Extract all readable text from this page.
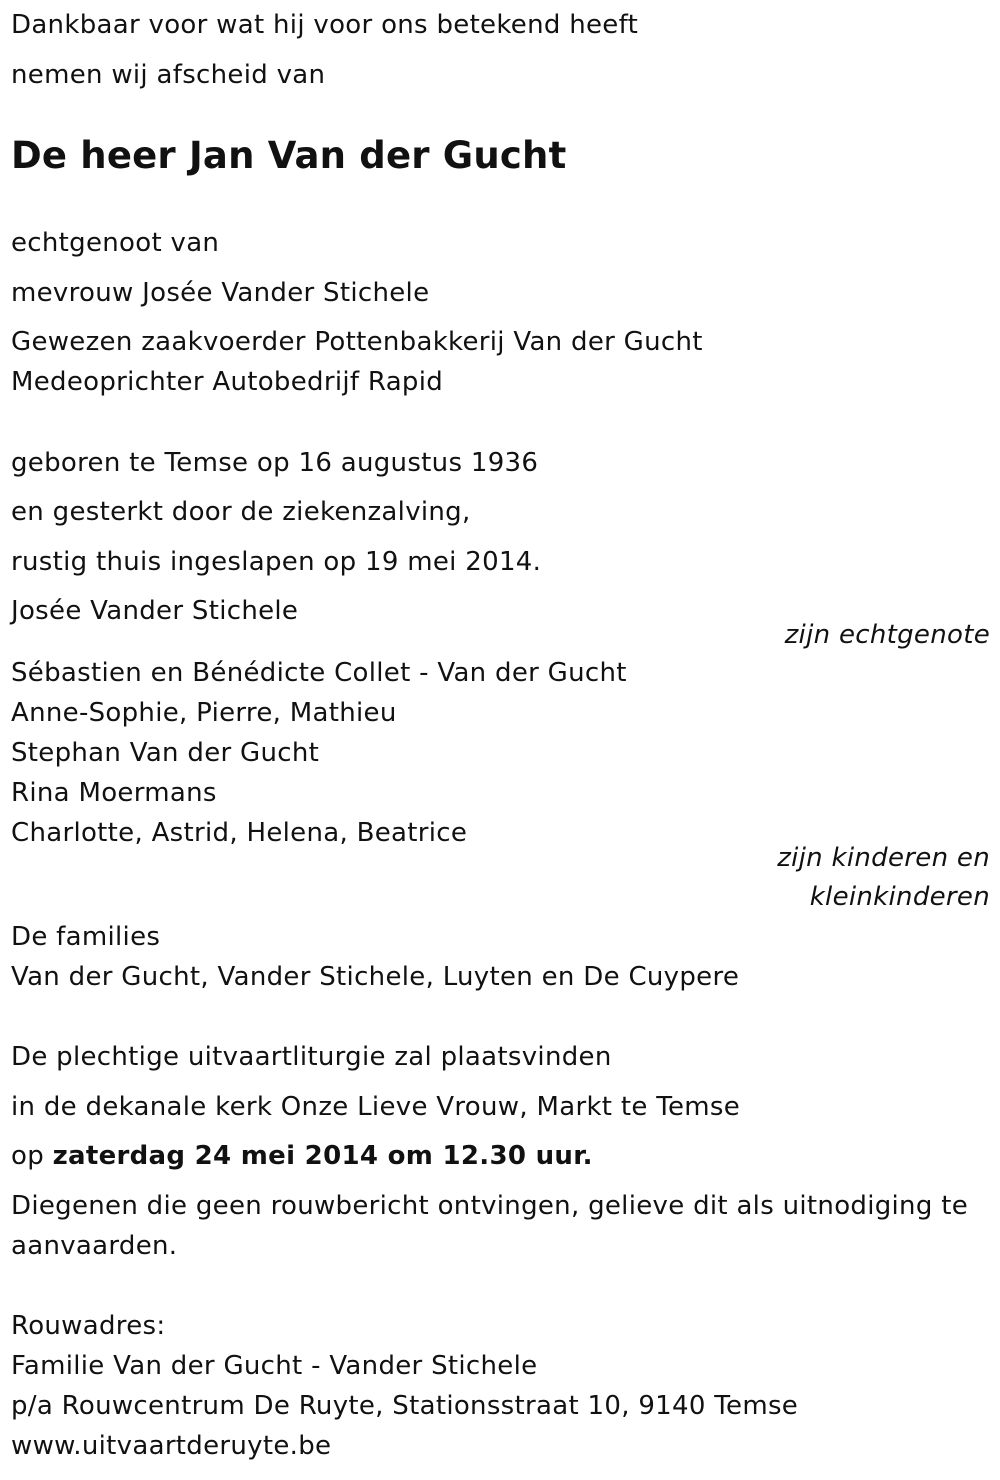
Dankbaar voor wat hij voor ons betekend heeft
nemen wij afscheid van
De heer Jan Van der Gucht
echtgenoot van
mevrouw Josée Vander Stichele
Gewezen zaakvoerder Pottenbakkerij Van der Gucht
Medeoprichter Autobedrijf Rapid
geboren te Temse op 16 augustus 1936
en gesterkt door de ziekenzalving,
rustig thuis ingeslapen op 19 mei 2014.
Josée Vander Stichele
zijn echtgenote
Sébastien en Bénédicte Collet - Van der Gucht
Anne-Sophie, Pierre, Mathieu
Stephan Van der Gucht
Rina Moermans
Charlotte, Astrid, Helena, Beatrice
zijn kinderen en
kleinkinderen
De families
Van der Gucht, Vander Stichele, Luyten en De Cuypere
De plechtige uitvaartliturgie zal plaatsvinden
in de dekanale kerk Onze Lieve Vrouw, Markt te Temse
op zaterdag 24 mei 2014 om 12.30 uur.
Diegenen die geen rouwbericht ontvingen, gelieve dit als uitnodiging te
aanvaarden.
Rouwadres:
Familie Van der Gucht - Vander Stichele
p/a Rouwcentrum De Ruyte, Stationsstraat 10, 9140 Temse
www.uitvaartderuyte.be
